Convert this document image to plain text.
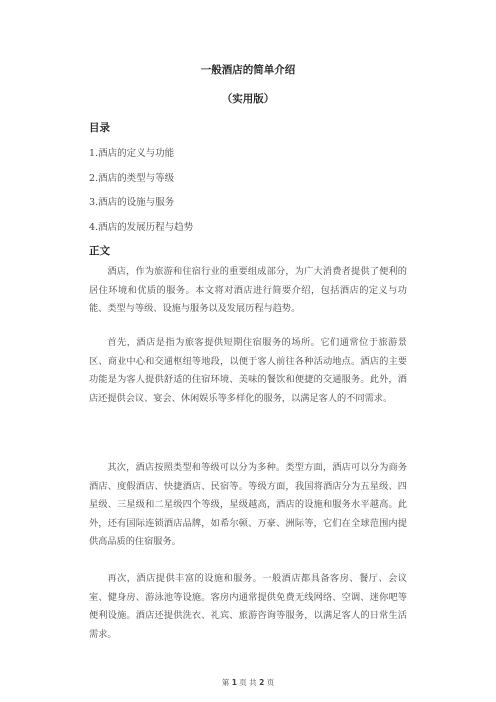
一般酒店的简单介绍
（实用版）
目录
1.酒店的定义与功能
2.酒店的类型与等级
3.酒店的设施与服务
4.酒店的发展历程与趋势
正文

酒店，作为旅游和住宿行业的重要组成部分，为广大消费者提供了便利的居住环境和优质的服务。本文将对酒店进行简要介绍，包括酒店的定义与功能、类型与等级、设施与服务以及发展历程与趋势。

首先，酒店是指为旅客提供短期住宿服务的场所。它们通常位于旅游景区、商业中心和交通枢纽等地段，以便于客人前往各种活动地点。酒店的主要功能是为客人提供舒适的住宿环境、美味的餐饮和便捷的交通服务。此外，酒店还提供会议、宴会、休闲娱乐等多样化的服务，以满足客人的不同需求。

其次，酒店按照类型和等级可以分为多种。类型方面，酒店可以分为商务酒店、度假酒店、快捷酒店、民宿等。等级方面，我国将酒店分为五星级、四星级、三星级和二星级四个等级，星级越高，酒店的设施和服务水平越高。此外，还有国际连锁酒店品牌，如希尔顿、万豪、洲际等，它们在全球范围内提供高品质的住宿服务。

再次，酒店提供丰富的设施和服务。一般酒店都具备客房、餐厅、会议室、健身房、游泳池等设施。客房内通常提供免费无线网络、空调、迷你吧等便利设施。酒店还提供洗衣、礼宾、旅游咨询等服务，以满足客人的日常生活需求。

第 1 页 共 2 页
